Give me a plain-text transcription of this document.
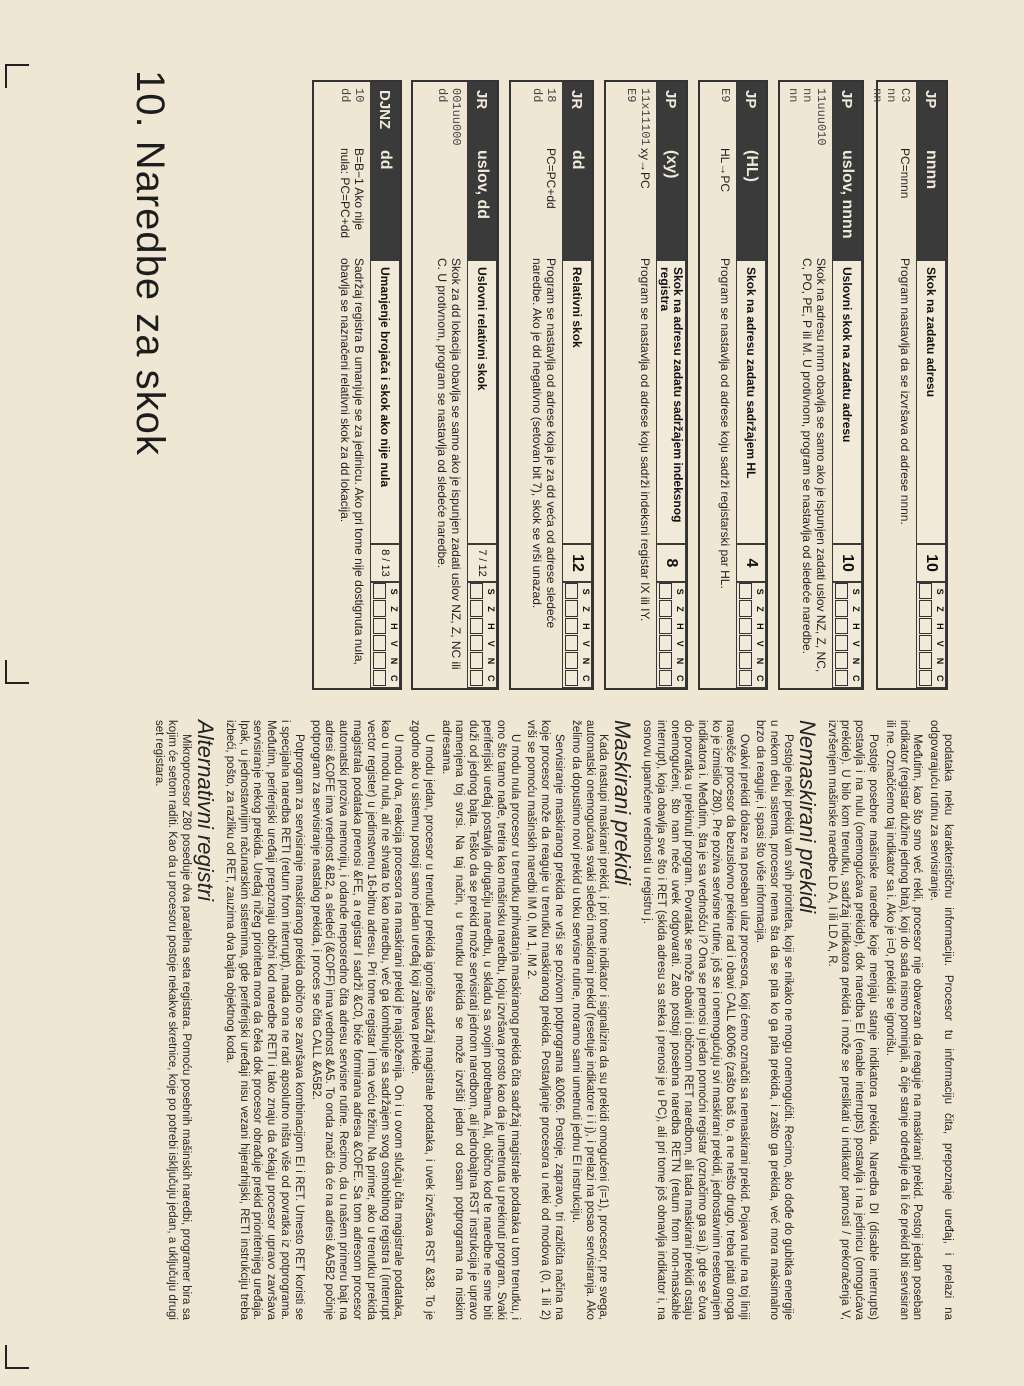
10. Naredbe za skok	JP
nnnn
Skok na zadatu adresu
10
S
Z
H
V
N
C
C3
nn
nn
PC=nnnn
Program nastavlja da se izvršava od adrese nnnn.
JP
uslov, nnnn
Uslovni skok na zadatu adresu
10
S
Z
H
V
N
C
11uuu010
nn
nn
Skok na adresu nnnn obavlja se samo ako je ispunjen zadati uslov NZ, Z, NC, C, PO, PE, P ili M. U protivnom, program se nastavlja od sledeće naredbe.
JP
(HL)
Skok na adresu zadatu sadržajem HL
4
S
Z
H
V
N
C
E9
HL→PC
Program se nastavlja od adrese koju sadrži registarski par HL.
JP
(xy)
Skok na adresu zadatu sadržajem indeksnog registra
8
S
Z
H
V
N
C
11x11101
E9
xy→PC
Program se nastavlja od adrese koju sadrži indeksni registar IX ili IY.
JR
dd
Relativni skok
12
S
Z
H
V
N
C
18
dd
PC=PC+dd
Program se nastavlja od adrese koja je za dd veća od adrese sledeće naredbe. Ako je dd negativno (setovan bit 7), skok se vrši unazad.
JR
uslov, dd
Uslovni relativni skok
7 / 12
S
Z
H
V
N
C
001uu000
dd
Skok za dd lokacija obavlja se samo ako je ispunjen zadati uslov NZ, Z, NC ili C. U protivnom, program se nastavlja od sledeće naredbe.
DJNZ
dd
Umanjenje brojača i skok ako nije nula
8 / 13
S
Z
H
V
N
C
10
dd
B=B−1 Ako nije nula: PC=PC+dd
Sadržaj registra B umanjuje se za jedinicu. Ako pri tome nije dostignuta nula, obavlja se naznačeni relativni skok za dd lokacija.

podataka neku karakterističnu informaciju. Procesor tu informaciju čita, prepoznaje uređaj, i prelazi na odgovarajuću rutinu za servisiranje.

Međutim, kao što smo već rekli, procesor nije obavezan da reaguje na maskirani prekid. Postoji jedan poseban indikator (registar dužine jednog bita), koji do sada nismo pominjali, a čije stanje određuje da li će prekid biti servisiran ili ne. Označićemo taj indikator sa i. Ako je i=0, prekidi se ignorišu.

Postoje posebne mašinske naredbe koje menjaju stanje indikatora prekida. Naredba DI (disable interrupts) postavlja i na nulu (onemogućava prekide), dok naredba EI (enable interrupts) postavlja i na jedinicu (omogućava prekide). U bilo kom trenutku, sadržaj indikatora prekida i može se preslikati u indikator parnosti / prekoračenja V, izvršenjem mašinske naredbe LD A, I ili LD A, R.

Nemaskirani prekidi

Postoje neki prekidi van svih prioriteta, koji se nikako ne mogu onemogućiti. Recimo, ako dođe do gubitka energije u nekom delu sistema, procesor nema šta da se pita ko ga pita prekida, i zašto ga prekida, već mora maksimalno brzo da reaguje, i spasi što više informacija.

Ovakvi prekidi dolaze na poseban ulaz procesora, koji ćemo označiti sa nemaskirani prekid. Pojava nule na toj liniji navešće procesor da bezuslovno prekine rad i obavi CALL &0066 (zašto baš to, a ne nešto drugo, treba pitati onoga ko je izmislio Z80). Pre poziva servisne rutine, još se i onemogućuju svi maskirani prekidi, jednostavnim resetovanjem indikatora i. Međutim, šta je sa vrednošću i? Ona se prenosi u jedan pomoćni registar (označimo ga sa j), gde se čuva do povratka u prekinuti program. Povratak se može obaviti i običnom RET naredbom, ali tada maskirani prekidi ostaju onemogućeni, što nam neće uvek odgovarati. Zato postoji posebna naredba RETN (return from non-maskable interrupt), koja obavlja sve što i RET (skida adresu sa steka i prenosi je u PC), ali pri tome još obnavlja indikator i, na osnovu upamćene vrednosti u registru j.

Maskirani prekidi

Kada nastupi maskirani prekid, i pri tome indikator i signalizira da su prekidi omogućeni (i=1), procesor, pre svega, automatski onemogućava svaki sledeći maskirani prekid (resetuje indikatore i i j), i prelazi na posao servisiranja. Ako želimo da dopustimo novi prekid u toku servisne rutine, moramo sami umetnuti jednu EI instrukciju.

Servisiranje maskiranog prekida ne vrši se pozivom potprograma &0066. Postoje, zapravo, tri različita načina na koje procesor može da reaguje u trenutku maskiranog prekida. Postavljanje procesora u neki od modova (0, 1 ili 2) vrši se pomoću mašinskih naredbi IM 0, IM 1, IM 2.

U modu nula procesor u trenutku prihvatanja maskiranog prekida čita sadržaj magistrale podataka u tom trenutku, i ono što tamo nađe, tretira kao mašinsku naredbu, koju izvršava prosto kao da je umetnuta u prekinuti program. Svaki periferijski uređaj postavlja drugačiju naredbu, u skladu sa svojim potrebama. Ali, obično kod te naredbe ne sme biti duži od jednog bajta. Teško da se prekid može servisirati jednom naredbom, ali jednobajtna RST instrukcija je upravo namenjena toj svrsi. Na taj način, u trenutku prekida se može izvršiti jedan od osam potprograma na niskim adresama.

U modu jedan, procesor u trenutku prekida ignoriše sadržaj magistrale podataka, i uvek izvršava RST &38. To je zgodno ako u sistemu postoji samo jedan uređaj koji zahteva prekide.

U modu dva, reakcija procesora na maskirani prekid je najsloženija. On i u ovom slučaju čita magistrale podataka, kao u modu nula, ali ne shvata to kao naredbu, već ga kombinuje sa sadržajem svog osmobitnog registra I (interrupt vector register) u jedinstvenu 16-bitnu adresu. Pri tome registar I ima veću težinu. Na primer, ako u trenutku prekida magistrala podataka prenosi &FE, a registar I sadrži &C0, biće formirana adresa &C0FE. Sa tom adresom procesor automatski proziva memoriju, i odande neposredno čita adresu servisne rutine. Recimo, da u našem primeru bajt na adresi &C0FE ima vrednost &B2, a sledeći (&C0FF) ima vrednost &A5. To onda znači da će na adresi &A5B2 počinje potprogram za servisiranje nastalog prekida, i proces se čita CALL &A5B2.

Potprogram za servisiranje maskiranog prekida obično se završava kombinacijom EI i RET. Umesto RET koristi se i specijalna naredba RETI (return from interrupt), mada ona ne radi apsolutno ništa više od povratka iz potprograma. Međutim, periferijski uređaji prepoznaju obični kod naredbe RETI i tako znaju da čekaju procesor upravo završava servisiranje nekog prekida. Uređaj nižeg prioriteta mora da čeka dok procesor obrađuje prekid prioritetnijeg uređaja. Ipak, u jednostavnijim računarskim sistemima, gde periferijski uređaji nisu vezani hijerarhijski, RETI instrukciju treba izbeći, pošto, za razliku od RET, zauzima dva bajta objektnog koda.

Alternativni registri

Mikroprocesor Z80 poseduje dva paralelna seta registara. Pomoću posebnih mašinskih naredbi, programer bira sa kojim će setom raditi. Kao da u procesoru postoje nekakve skretnice, koje po potrebi isključuju jedan, a uključuju drugi set registara.
